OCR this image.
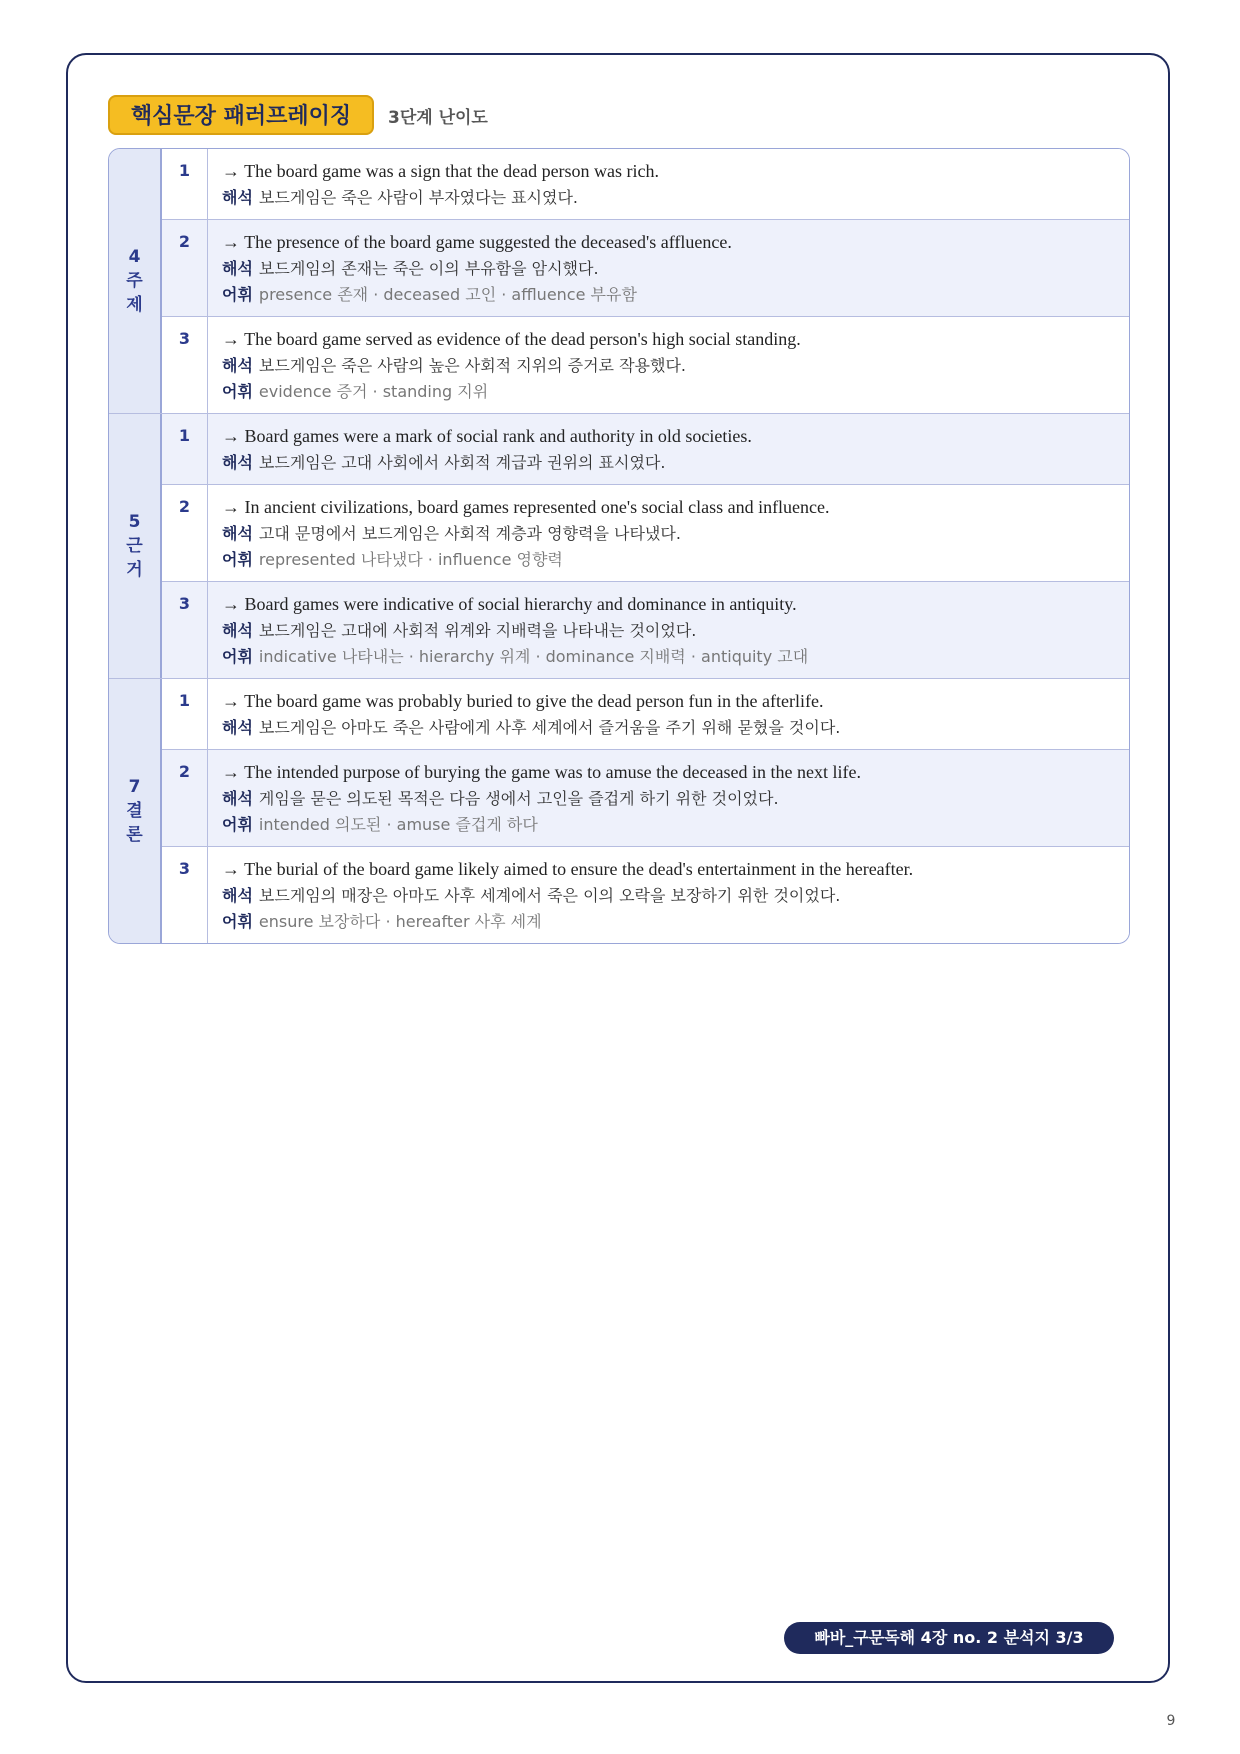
핵심문장 패러프레이징	3단계 난이도
4
주
제
1	→ The board game was a sign that the dead person was rich.
해석 보드게임은 죽은 사람이 부자였다는 표시였다.
2	→ The presence of the board game suggested the deceased's affluence.
해석 보드게임의 존재는 죽은 이의 부유함을 암시했다.
어휘 presence 존재 · deceased 고인 · affluence 부유함
3	→ The board game served as evidence of the dead person's high social standing.
해석 보드게임은 죽은 사람의 높은 사회적 지위의 증거로 작용했다.
어휘 evidence 증거 · standing 지위
5
근
거
1	→ Board games were a mark of social rank and authority in old societies.
해석 보드게임은 고대 사회에서 사회적 계급과 권위의 표시였다.
2	→ In ancient civilizations, board games represented one's social class and influence.
해석 고대 문명에서 보드게임은 사회적 계층과 영향력을 나타냈다.
어휘 represented 나타냈다 · influence 영향력
3	→ Board games were indicative of social hierarchy and dominance in antiquity.
해석 보드게임은 고대에 사회적 위계와 지배력을 나타내는 것이었다.
어휘 indicative 나타내는 · hierarchy 위계 · dominance 지배력 · antiquity 고대
7
결
론
1	→ The board game was probably buried to give the dead person fun in the afterlife.
해석 보드게임은 아마도 죽은 사람에게 사후 세계에서 즐거움을 주기 위해 묻혔을 것이다.
2	→ The intended purpose of burying the game was to amuse the deceased in the next life.
해석 게임을 묻은 의도된 목적은 다음 생에서 고인을 즐겁게 하기 위한 것이었다.
어휘 intended 의도된 · amuse 즐겁게 하다
3	→ The burial of the board game likely aimed to ensure the dead's entertainment in the hereafter.
해석 보드게임의 매장은 아마도 사후 세계에서 죽은 이의 오락을 보장하기 위한 것이었다.
어휘 ensure 보장하다 · hereafter 사후 세계
빠바_구문독해 4장 no. 2 분석지 3/3
9
